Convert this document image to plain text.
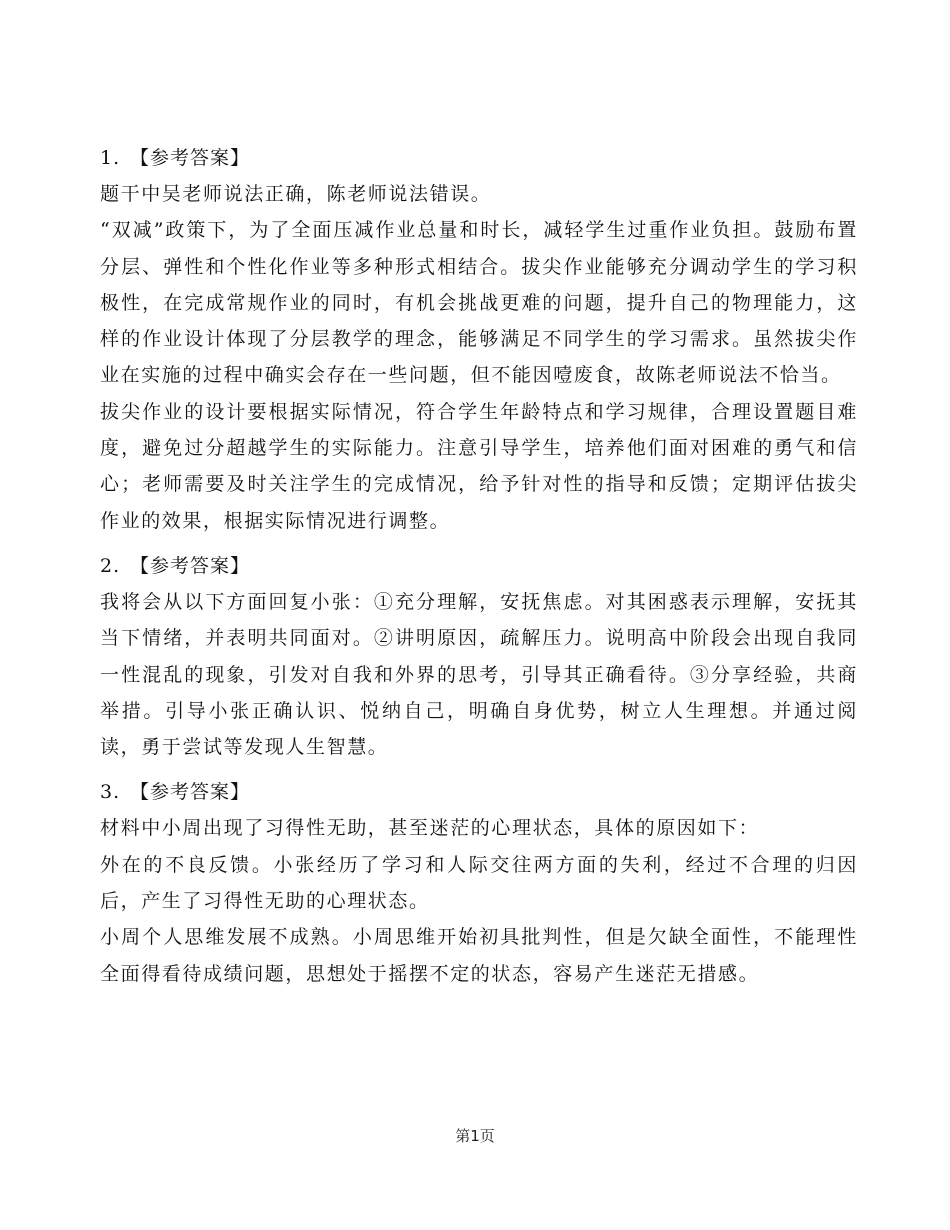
1. 【参考答案】

题干中吴老师说法正确，陈老师说法错误。

“双减”政策下，为了全面压减作业总量和时长，减轻学生过重作业负担。鼓励布置分层、弹性和个性化作业等多种形式相结合。拔尖作业能够充分调动学生的学习积极性，在完成常规作业的同时，有机会挑战更难的问题，提升自己的物理能力，这样的作业设计体现了分层教学的理念，能够满足不同学生的学习需求。虽然拔尖作业在实施的过程中确实会存在一些问题，但不能因噎废食，故陈老师说法不恰当。

拔尖作业的设计要根据实际情况，符合学生年龄特点和学习规律，合理设置题目难度，避免过分超越学生的实际能力。注意引导学生，培养他们面对困难的勇气和信心；老师需要及时关注学生的完成情况，给予针对性的指导和反馈；定期评估拔尖作业的效果，根据实际情况进行调整。

2. 【参考答案】

我将会从以下方面回复小张：①充分理解，安抚焦虑。对其困惑表示理解，安抚其当下情绪，并表明共同面对。②讲明原因，疏解压力。说明高中阶段会出现自我同一性混乱的现象，引发对自我和外界的思考，引导其正确看待。③分享经验，共商举措。引导小张正确认识、悦纳自己，明确自身优势，树立人生理想。并通过阅读，勇于尝试等发现人生智慧。

3. 【参考答案】

材料中小周出现了习得性无助，甚至迷茫的心理状态，具体的原因如下：

外在的不良反馈。小张经历了学习和人际交往两方面的失利，经过不合理的归因后，产生了习得性无助的心理状态。

小周个人思维发展不成熟。小周思维开始初具批判性，但是欠缺全面性，不能理性全面得看待成绩问题，思想处于摇摆不定的状态，容易产生迷茫无措感。

第1页
